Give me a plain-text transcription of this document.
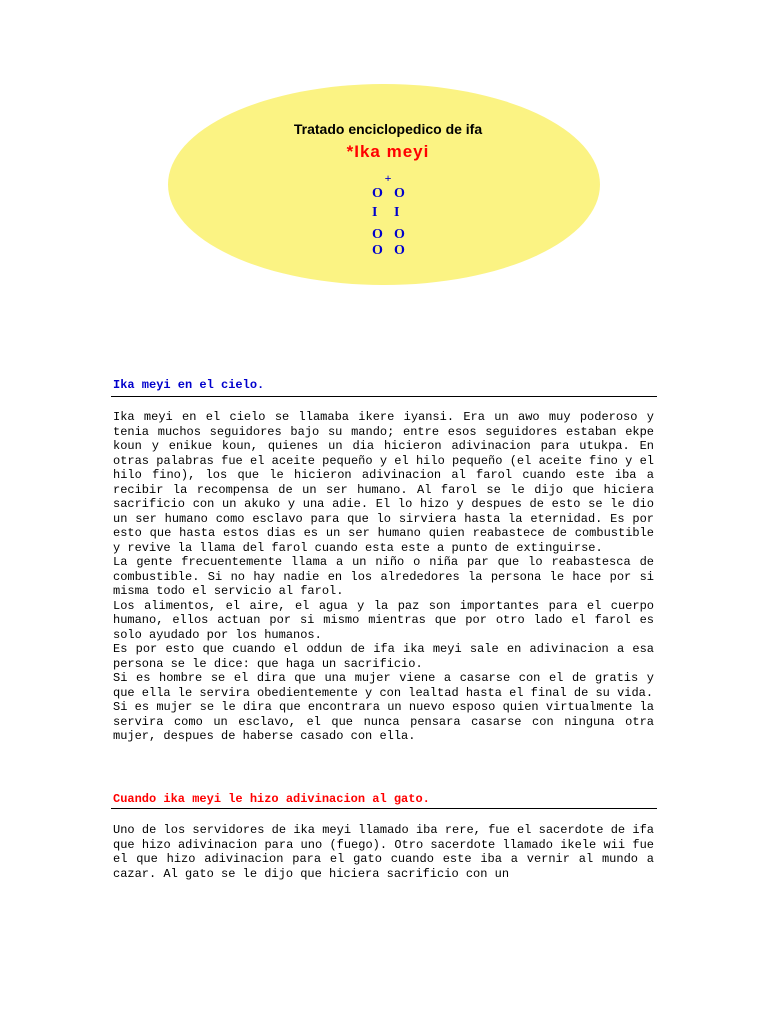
Tratado enciclopedico de ifa
*Ika meyi
+
O O
I I
O O
O O
Ika meyi en el cielo.

Ika meyi en el cielo se llamaba ikere iyansi. Era un awo muy poderoso y tenia muchos seguidores bajo su mando; entre esos seguidores estaban ekpe koun y enikue koun, quienes un dia hicieron adivinacion para utukpa. En otras palabras fue el aceite pequeño y el hilo pequeño (el aceite fino y el hilo fino), los que le hicieron adivinacion al farol cuando este iba a recibir la recompensa de un ser humano. Al farol se le dijo que hiciera sacrificio con un akuko y una adie. El lo hizo y despues de esto se le dio un ser humano como esclavo para que lo sirviera hasta la eternidad. Es por esto que hasta estos dias es un ser humano quien reabastece de combustible y revive la llama del farol cuando esta este a punto de extinguirse.

La gente frecuentemente llama a un niño o niña par que lo reabastesca de combustible. Si no hay nadie en los alrededores la persona le hace por si misma todo el servicio al farol.

Los alimentos, el aire, el agua y la paz son importantes para el cuerpo humano, ellos actuan por si mismo mientras que por otro lado el farol es solo ayudado por los humanos.

Es por esto que cuando el oddun de ifa ika meyi sale en adivinacion a esa persona se le dice: que haga un sacrificio.

Si es hombre se el dira que una mujer viene a casarse con el de gratis y que ella le servira obedientemente y con lealtad hasta el final de su vida.

Si es mujer se le dira que encontrara un nuevo esposo quien virtualmente la servira como un esclavo, el que nunca pensara casarse con ninguna otra mujer, despues de haberse casado con ella.

Cuando ika meyi le hizo adivinacion al gato.

Uno de los servidores de ika meyi llamado iba rere, fue el sacerdote de ifa que hizo adivinacion para uno (fuego). Otro sacerdote llamado ikele wii fue el que hizo adivinacion para el gato cuando este iba a vernir al mundo a cazar. Al gato se le dijo que hiciera sacrificio con un
